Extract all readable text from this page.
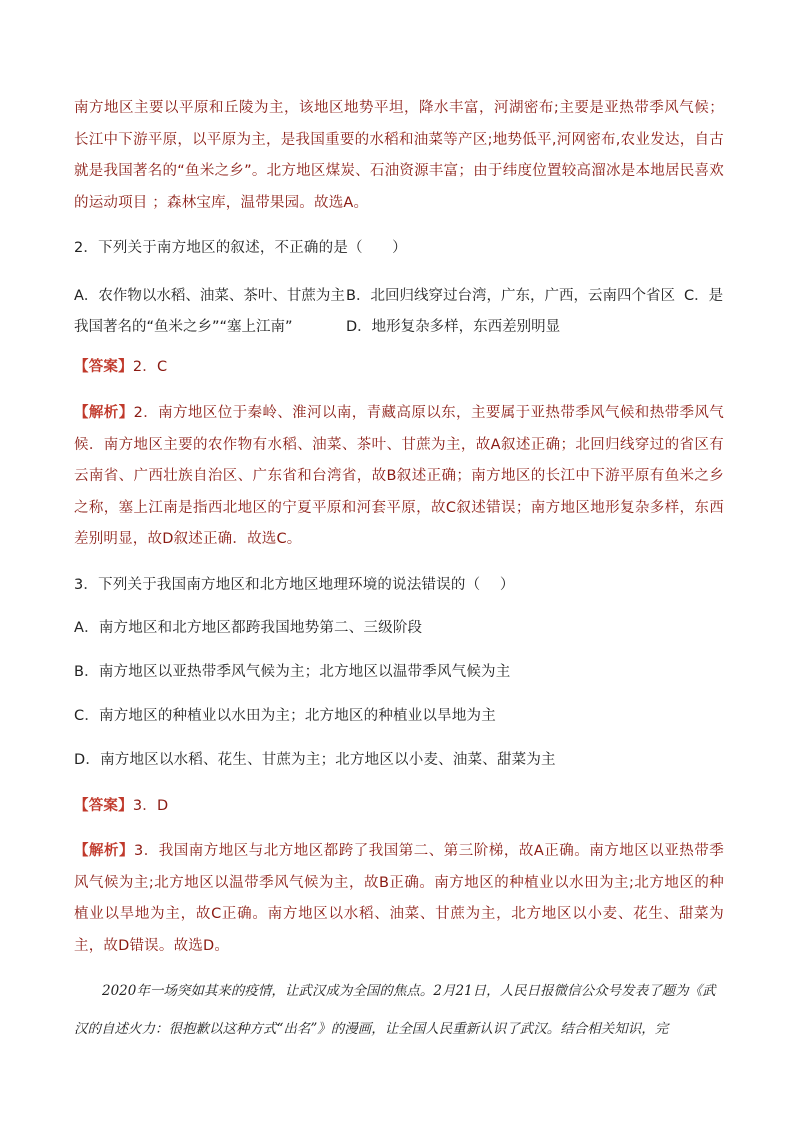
南方地区主要以平原和丘陵为主，该地区地势平坦，降水丰富，河湖密布;主要是亚热带季风气候；长江中下游平原，以平原为主，是我国重要的水稻和油菜等产区;地势低平,河网密布,农业发达，自古就是我国著名的“鱼米之乡”。北方地区煤炭、石油资源丰富；由于纬度位置较高溜冰是本地居民喜欢的运动项目 ；森林宝库，温带果园。故选A。

2．下列关于南方地区的叙述，不正确的是（　　）

A．农作物以水稻、油菜、茶叶、甘蔗为主 B．北回归线穿过台湾，广东，广西，云南四个省区 C．是
我国著名的“鱼米之乡”“塞上江南”	D．地形复杂多样，东西差别明显

【答案】2．C

【解析】2．南方地区位于秦岭、淮河以南，青藏高原以东，主要属于亚热带季风气候和热带季风气候．南方地区主要的农作物有水稻、油菜、茶叶、甘蔗为主，故A叙述正确；北回归线穿过的省区有云南省、广西壮族自治区、广东省和台湾省，故B叙述正确；南方地区的长江中下游平原有鱼米之乡之称，塞上江南是指西北地区的宁夏平原和河套平原，故C叙述错误；南方地区地形复杂多样，东西差别明显，故D叙述正确．故选C。

3．下列关于我国南方地区和北方地区地理环境的说法错误的（　 ）

A．南方地区和北方地区都跨我国地势第二、三级阶段

B．南方地区以亚热带季风气候为主；北方地区以温带季风气候为主

C．南方地区的种植业以水田为主；北方地区的种植业以旱地为主

D．南方地区以水稻、花生、甘蔗为主；北方地区以小麦、油菜、甜菜为主

【答案】3．D

【解析】3．我国南方地区与北方地区都跨了我国第二、第三阶梯，故A正确。南方地区以亚热带季风气候为主;北方地区以温带季风气候为主，故B正确。南方地区的种植业以水田为主;北方地区的种植业以旱地为主，故C正确。南方地区以水稻、油菜、甘蔗为主，北方地区以小麦、花生、甜菜为主，故D错误。故选D。

2020年一场突如其来的疫情，让武汉成为全国的焦点。2月21日，人民日报微信公众号发表了题为《武汉的自述火力：很抱歉以这种方式“出名”》的漫画，让全国人民重新认识了武汉。结合相关知识，完
